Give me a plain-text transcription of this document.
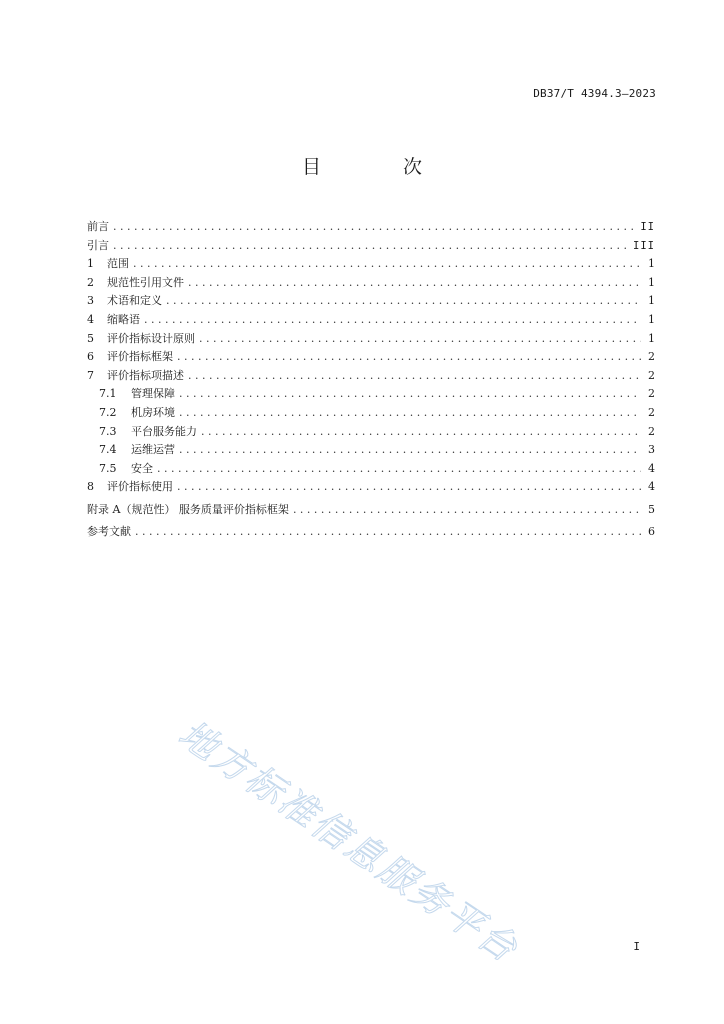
DB37/T 4394.3—2023
目 次
前言 . . .	II
引言 . . .	III
1	范围 . . .	1
2	规范性引用文件 . . .	1
3	术语和定义 . . .	1
4	缩略语 . . .	1
5	评价指标设计原则 . . .	1
6	评价指标框架 . . .	2
7	评价指标项描述 . . .	2
7.1	管理保障 . . .	2
7.2	机房环境 . . .	2
7.3	平台服务能力 . . .	2
7.4	运维运营 . . .	3
7.5	安全 . . .	4
8	评价指标使用 . . .	4
附录 A（规范性） 服务质量评价指标框架 . . .	5
参考文献 . . .	6
地方标准信息服务平台	I
